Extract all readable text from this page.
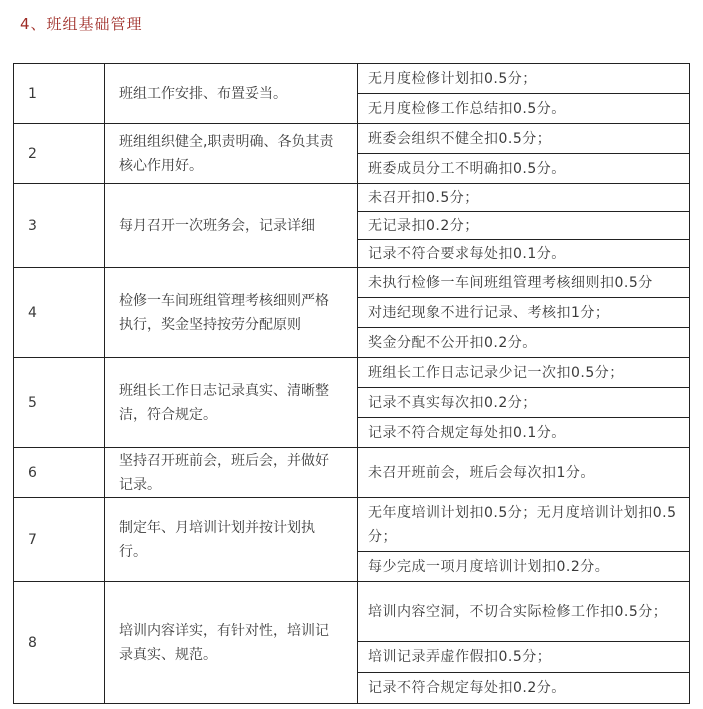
4、班组基础管理
1	班组工作安排、布置妥当。	无月度检修计划扣0.5分；
		无月度检修工作总结扣0.5分。
2	班组组织健全,职责明确、各负其责核心作用好。	班委会组织不健全扣0.5分；
		班委成员分工不明确扣0.5分。
3	每月召开一次班务会，记录详细	未召开扣0.5分；
		无记录扣0.2分；
		记录不符合要求每处扣0.1分。
4	检修一车间班组管理考核细则严格执行，奖金坚持按劳分配原则	未执行检修一车间班组管理考核细则扣0.5分
		对违纪现象不进行记录、考核扣1分；
		奖金分配不公开扣0.2分。
5	班组长工作日志记录真实、清晰整洁，符合规定。	班组长工作日志记录少记一次扣0.5分；
		记录不真实每次扣0.2分；
		记录不符合规定每处扣0.1分。
6	坚持召开班前会，班后会，并做好记录。	未召开班前会，班后会每次扣1分。
7	制定年、月培训计划并按计划执行。	无年度培训计划扣0.5分；无月度培训计划扣0.5分；
		每少完成一项月度培训计划扣0.2分。
8	培训内容详实，有针对性，培训记录真实、规范。	培训内容空洞，不切合实际检修工作扣0.5分；
		培训记录弄虚作假扣0.5分；
		记录不符合规定每处扣0.2分。
